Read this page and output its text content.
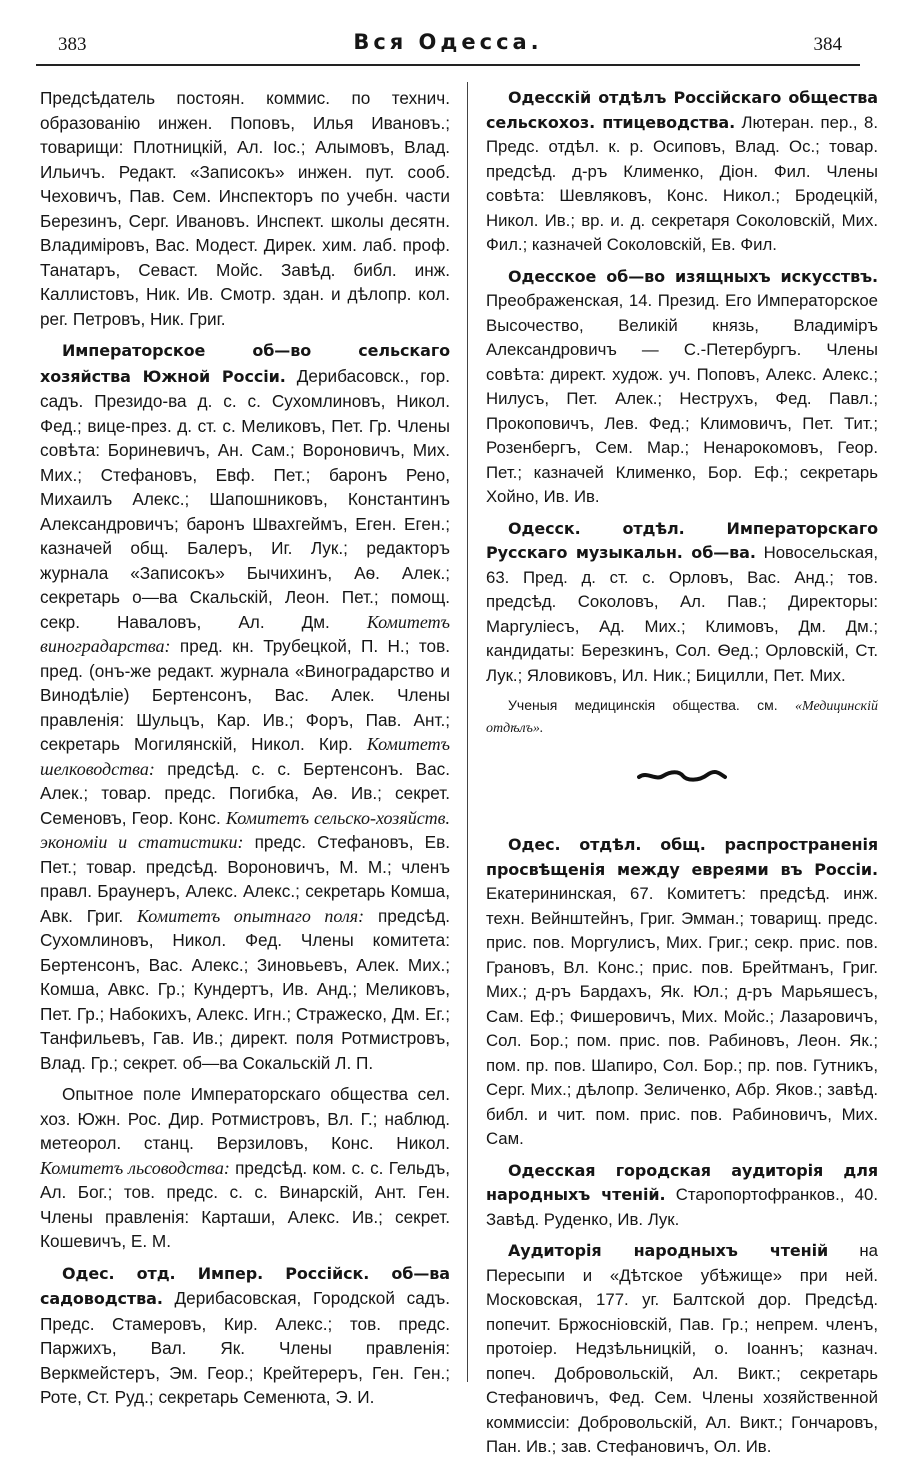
383	Вся Одесса.	384

Предсѣдатель постоян. коммис. по технич. образованію инжен. Поповъ, Илья Ивановъ.; товарищи: Плотницкій, Ал. Іос.; Алымовъ, Влад. Ильичъ. Редакт. «Записокъ» инжен. пут. сооб. Чеховичъ, Пав. Сем. Инспекторъ по учебн. части Березинъ, Серг. Ивановъ. Инспект. школы десятн. Владиміровъ, Вас. Модест. Дирек. хим. лаб. проф. Танатаръ, Севаст. Мойс. Завѣд. библ. инж. Каллистовъ, Ник. Ив. Смотр. здан. и дѣлопр. кол. рег. Петровъ, Ник. Григ.

Императорское об—во сельскаго хозяйства Южной Россіи. Дерибасовск., гор. садъ. Президо-ва д. с. с. Сухомлиновъ, Никол. Фед.; вице-през. д. ст. с. Меликовъ, Пет. Гр. Члены совѣта: Бориневичъ, Ан. Сам.; Вороновичъ, Мих. Мих.; Стефановъ, Евф. Пет.; баронъ Рено, Михаилъ Алекс.; Шапошниковъ, Константинъ Александровичъ; баронъ Швахгеймъ, Еген. Еген.; казначей общ. Балеръ, Иг. Лук.; редакторъ журнала «Записокъ» Бычихинъ, Аѳ. Алек.; секретарь о—ва Скальскій, Леон. Пет.; помощ. секр. Наваловъ, Ал. Дм. Комитетъ виноградарства: пред. кн. Трубецкой, П. Н.; тов. пред. (онъ-же редакт. журнала «Виноградарство и Винодѣліе) Бертенсонъ, Вас. Алек. Члены правленія: Шульцъ, Кар. Ив.; Форъ, Пав. Ант.; секретарь Могилянскій, Никол. Кир. Комитетъ шелководства: предсѣд. с. с. Бертенсонъ. Вас. Алек.; товар. предс. Погибка, Аѳ. Ив.; секрет. Семеновъ, Геор. Конс. Комитетъ сельско-хозяйств. экономіи и статистики: предс. Стефановъ, Ев. Пет.; товар. предсѣд. Вороновичъ, М. М.; членъ правл. Браунеръ, Алекс. Алекс.; секретарь Комша, Авк. Григ. Комитетъ опытнаго поля: предсѣд. Сухомлиновъ, Никол. Фед. Члены комитета: Бертенсонъ, Вас. Алекс.; Зиновьевъ, Алек. Мих.; Комша, Авкс. Гр.; Кундертъ, Ив. Анд.; Меликовъ, Пет. Гр.; Набокихъ, Алекс. Игн.; Стражеско, Дм. Ег.; Танфильевъ, Гав. Ив.; директ. поля Ротмистровъ, Влад. Гр.; секрет. об—ва Сокальскій Л. П.

Опытное поле Императорскаго общества сел. хоз. Южн. Рос. Дир. Ротмистровъ, Вл. Г.; наблюд. метеорол. станц. Верзиловъ, Конс. Никол. Комитетъ льсоводства: предсѣд. ком. с. с. Гельдъ, Ал. Бог.; тов. предс. с. с. Винарскій, Ант. Ген. Члены правленія: Карташи, Алекс. Ив.; секрет. Кошевичъ, Е. М.

Одес. отд. Импер. Россійск. об—ва садоводства. Дерибасовская, Городской садъ. Предс. Стамеровъ, Кир. Алекс.; тов. предс. Паржихъ, Вал. Як. Члены правленія: Веркмейстеръ, Эм. Геор.; Крейтереръ, Ген. Ген.; Роте, Ст. Руд.; секретарь Семенюта, Э. И.

Одесскій отдѣлъ Россійскаго общества сельскохоз. птицеводства. Лютеран. пер., 8. Предс. отдѣл. к. р. Осиповъ, Влад. Ос.; товар. предсѣд. д-ръ Клименко, Діон. Фил. Члены совѣта: Шевляковъ, Конс. Никол.; Бродецкій, Никол. Ив.; вр. и. д. секретаря Соколовскій, Мих. Фил.; казначей Соколовскій, Ев. Фил.

Одесское об—во изящныхъ искусствъ. Преображенская, 14. Презид. Его Императорское Высочество, Великій князь, Владиміръ Александровичъ — С.-Петербургъ. Члены совѣта: директ. худож. уч. Поповъ, Алекс. Алекс.; Нилусъ, Пет. Алек.; Неструхъ, Фед. Павл.; Прокоповичъ, Лев. Фед.; Климовичъ, Пет. Тит.; Розенбергъ, Сем. Мар.; Ненарокомовъ, Геор. Пет.; казначей Клименко, Бор. Еф.; секретарь Хойно, Ив. Ив.

Одесск. отдѣл. Императорскаго Русскаго музыкальн. об—ва. Новосельская, 63. Пред. д. ст. с. Орловъ, Вас. Анд.; тов. предсѣд. Соколовъ, Ал. Пав.; Директоры: Маргуліесъ, Ад. Мих.; Климовъ, Дм. Дм.; кандидаты: Березкинъ, Сол. Ѳед.; Орловскій, Ст. Лук.; Яловиковъ, Ил. Ник.; Бицилли, Пет. Мих.

Ученыя медицинскія общества. см. «Медицинскій отдѣлъ».

Одес. отдѣл. общ. распространенія просвѣщенія между евреями въ Россіи. Екатерининская, 67. Комитетъ: предсѣд. инж. техн. Вейнштейнъ, Григ. Эмман.; товарищ. предс. прис. пов. Моргулисъ, Мих. Григ.; секр. прис. пов. Грановъ, Вл. Конс.; прис. пов. Брейтманъ, Григ. Мих.; д-ръ Бардахъ, Як. Юл.; д-ръ Марьяшесъ, Сам. Еф.; Фишеровичъ, Мих. Мойс.; Лазаровичъ, Сол. Бор.; пом. прис. пов. Рабиновъ, Леон. Як.; пом. пр. пов. Шапиро, Сол. Бор.; пр. пов. Гутникъ, Серг. Мих.; дѣлопр. Зеличенко, Абр. Яков.; завѣд. библ. и чит. пом. прис. пов. Рабиновичъ, Мих. Сам.

Одесская городская аудиторія для народныхъ чтеній. Старопортофранков., 40. Завѣд. Руденко, Ив. Лук.

Аудиторія народныхъ чтеній на Пересыпи и «Дѣтское убѣжище» при ней. Московская, 177. уг. Балтской дор. Предсѣд. попечит. Бржосніовскій, Пав. Гр.; непрем. членъ, протоіер. Недзѣльницкій, о. Іоаннъ; казнач. попеч. Добровольскій, Ал. Викт.; секретарь Стефановичъ, Фед. Сем. Члены хозяйственной коммиссіи: Добровольскій, Ал. Викт.; Гончаровъ, Пан. Ив.; зав. Стефановичъ, Ол. Ив.
